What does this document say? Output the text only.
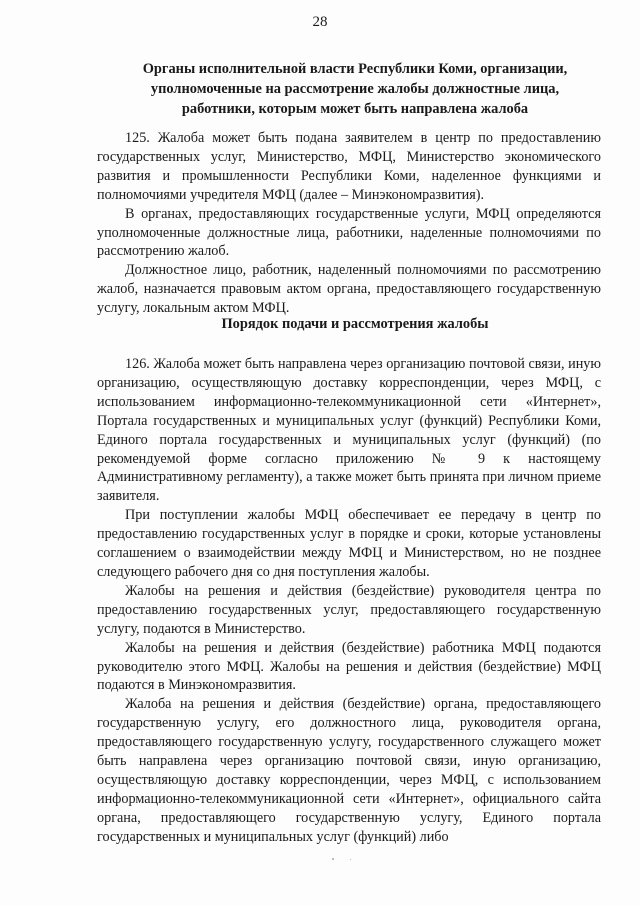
28
Органы исполнительной власти Республики Коми, организации, уполномоченные на рассмотрение жалобы должностные лица, работники, которым может быть направлена жалоба

125. Жалоба может быть подана заявителем в центр по предоставлению государственных услуг, Министерство, МФЦ, Министерство экономического развития и промышленности Республики Коми, наделенное функциями и полномочиями учредителя МФЦ (далее – Минэкономразвития).

В органах, предоставляющих государственные услуги, МФЦ определяются уполномоченные должностные лица, работники, наделенные полномочиями по рассмотрению жалоб.

Должностное лицо, работник, наделенный полномочиями по рассмотрению жалоб, назначается правовым актом органа, предоставляющего государственную услугу, локальным актом МФЦ.

Порядок подачи и рассмотрения жалобы

126. Жалоба может быть направлена через организацию почтовой связи, иную организацию, осуществляющую доставку корреспонденции, через МФЦ, с использованием информационно-телекоммуникационной сети «Интернет», Портала государственных и муниципальных услуг (функций) Республики Коми, Единого портала государственных и муниципальных услуг (функций) (по рекомендуемой форме согласно приложению № 9 к настоящему Административному регламенту), а также может быть принята при личном приеме заявителя.

При поступлении жалобы МФЦ обеспечивает ее передачу в центр по предоставлению государственных услуг в порядке и сроки, которые установлены соглашением о взаимодействии между МФЦ и Министерством, но не позднее следующего рабочего дня со дня поступления жалобы.

Жалобы на решения и действия (бездействие) руководителя центра по предоставлению государственных услуг, предоставляющего государственную услугу, подаются в Министерство.

Жалобы на решения и действия (бездействие) работника МФЦ подаются руководителю этого МФЦ. Жалобы на решения и действия (бездействие) МФЦ подаются в Минэкономразвития.

Жалоба на решения и действия (бездействие) органа, предоставляющего государственную услугу, его должностного лица, руководителя органа, предоставляющего государственную услугу, государственного служащего может быть направлена через организацию почтовой связи, иную организацию, осуществляющую доставку корреспонденции, через МФЦ, с использованием информационно-телекоммуникационной сети «Интернет», официального сайта органа, предоставляющего государственную услугу, Единого портала государственных и муниципальных услуг (функций) либо
